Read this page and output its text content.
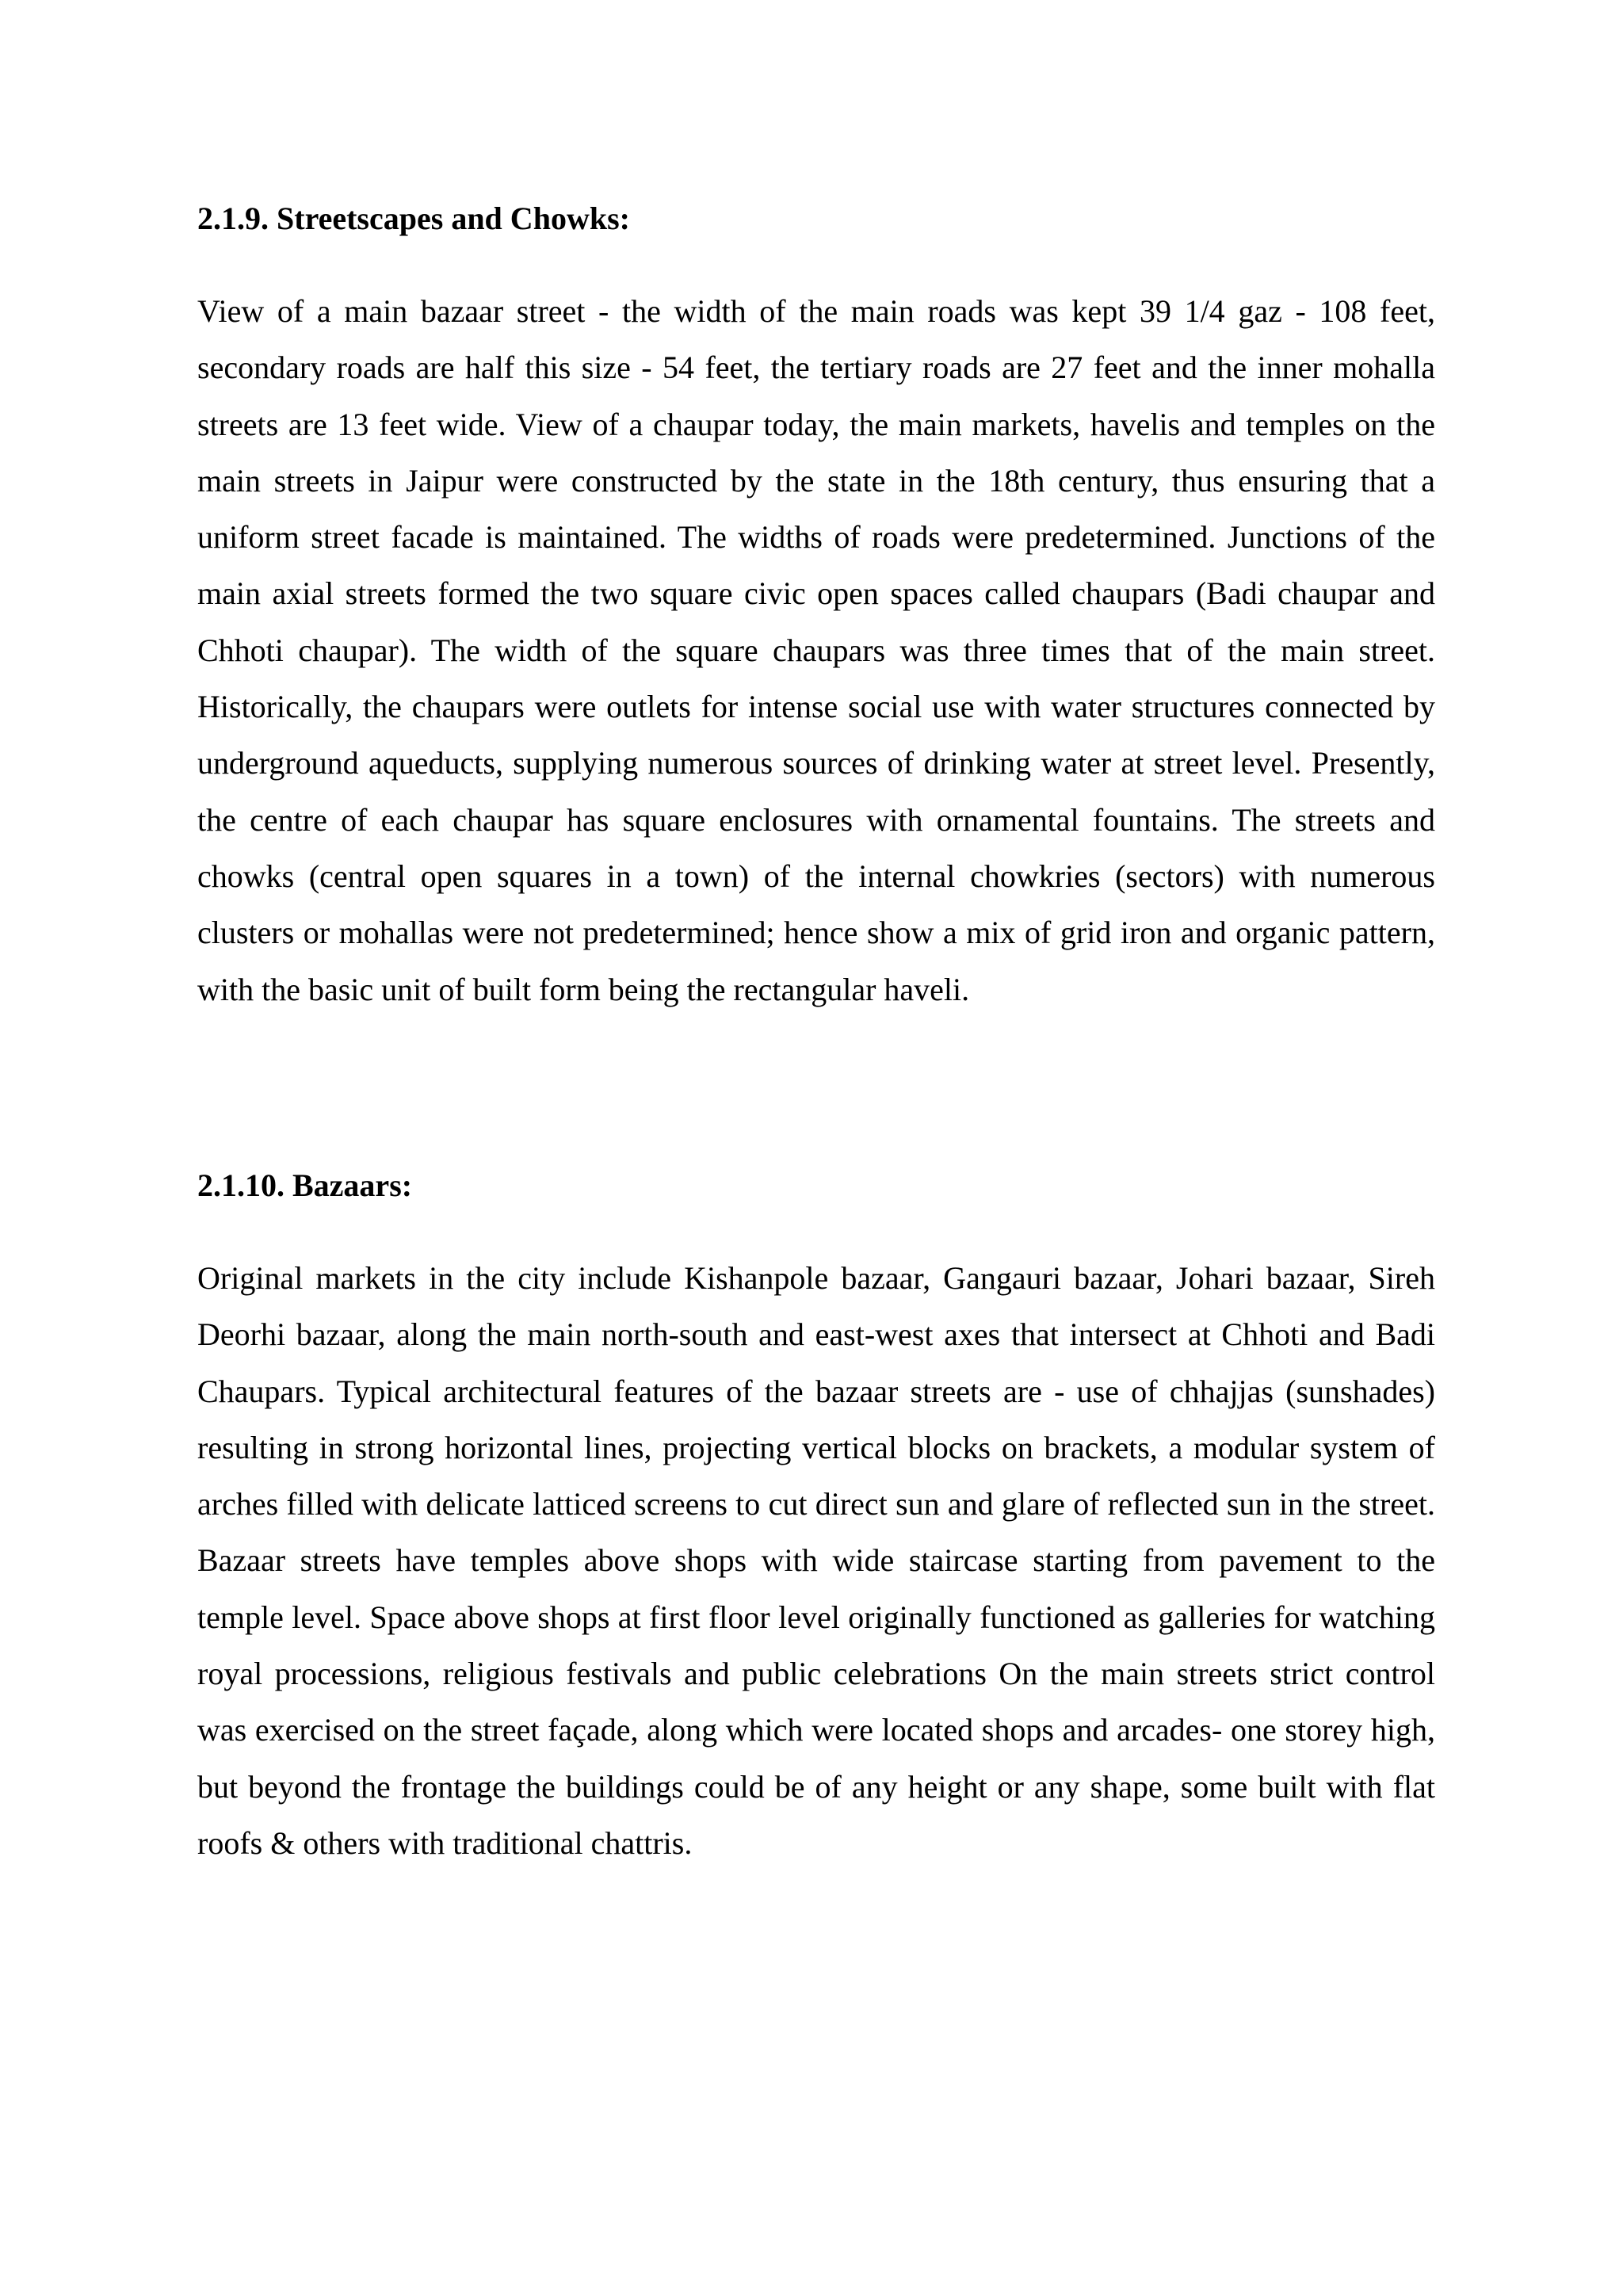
2.1.9. Streetscapes and Chowks:

View of a main bazaar street - the width of the main roads was kept 39 1/4 gaz - 108 feet, secondary roads are half this size - 54 feet, the tertiary roads are 27 feet and the inner mohalla streets are 13 feet wide. View of a chaupar today, the main markets, havelis and temples on the main streets in Jaipur were constructed by the state in the 18th century, thus ensuring that a uniform street facade is maintained. The widths of roads were predetermined. Junctions of the main axial streets formed the two square civic open spaces called chaupars (Badi chaupar and Chhoti chaupar). The width of the square chaupars was three times that of the main street. Historically, the chaupars were outlets for intense social use with water structures connected by underground aqueducts, supplying numerous sources of drinking water at street level. Presently, the centre of each chaupar has square enclosures with ornamental fountains. The streets and chowks (central open squares in a town) of the internal chowkries (sectors) with numerous clusters or mohallas were not predetermined; hence show a mix of grid iron and organic pattern, with the basic unit of built form being the rectangular haveli.

2.1.10. Bazaars:

Original markets in the city include Kishanpole bazaar, Gangauri bazaar, Johari bazaar, Sireh Deorhi bazaar, along the main north-south and east-west axes that intersect at Chhoti and Badi Chaupars. Typical architectural features of the bazaar streets are - use of chhajjas (sunshades) resulting in strong horizontal lines, projecting vertical blocks on brackets, a modular system of arches filled with delicate latticed screens to cut direct sun and glare of reflected sun in the street. Bazaar streets have temples above shops with wide staircase starting from pavement to the temple level. Space above shops at first floor level originally functioned as galleries for watching royal processions, religious festivals and public celebrations On the main streets strict control was exercised on the street façade, along which were located shops and arcades- one storey high, but beyond the frontage the buildings could be of any height or any shape, some built with flat roofs & others with traditional chattris.
